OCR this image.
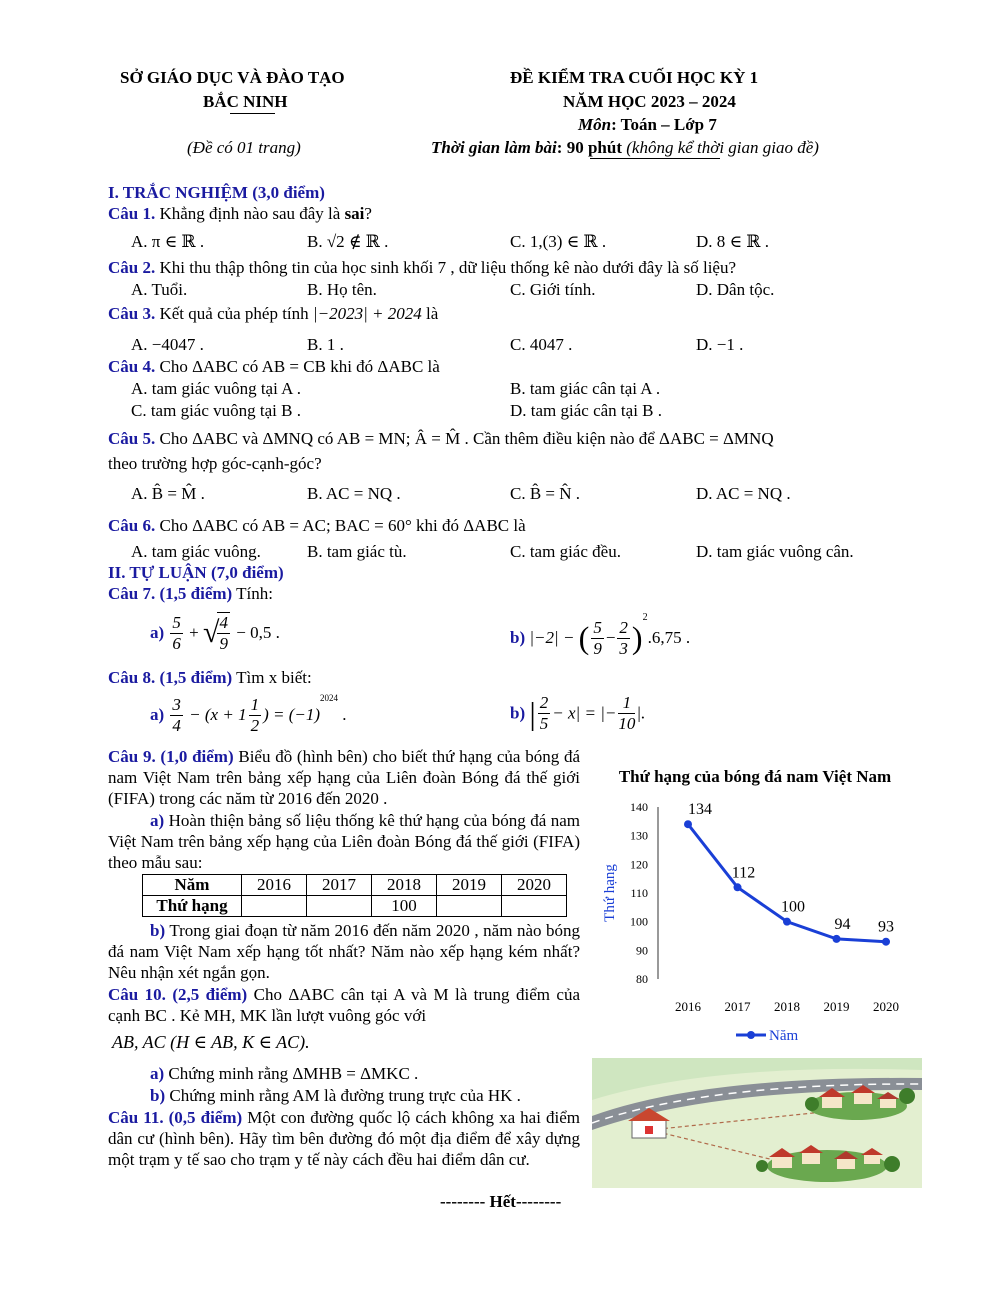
SỞ GIÁO DỤC VÀ ĐÀO TẠO
BẮC NINH
(Đề có 01 trang)
ĐỀ KIỂM TRA CUỐI HỌC KỲ 1
NĂM HỌC 2023 – 2024
Môn: Toán – Lớp 7
Thời gian làm bài: 90 phút (không kể thời gian giao đề)
I. TRẮC NGHIỆM (3,0 điểm)
Câu 1. Khẳng định nào sau đây là sai?
A. π ∈ ℝ .	B. √2 ∉ ℝ .	C. 1,(3) ∈ ℝ .	D. 8 ∈ ℝ .
Câu 2. Khi thu thập thông tin của học sinh khối 7 , dữ liệu thống kê nào dưới đây là số liệu?
A. Tuổi.	B. Họ tên.	C. Giới tính.	D. Dân tộc.
Câu 3. Kết quả của phép tính |−2023| + 2024 là
A. −4047 .	B. 1 .	C. 4047 .	D. −1 .
Câu 4. Cho ΔABC có AB = CB khi đó ΔABC là
A. tam giác vuông tại A .	B. tam giác cân tại A .
C. tam giác vuông tại B .	D. tam giác cân tại B .
Câu 5. Cho ΔABC và ΔMNQ có AB = MN; Â = M̂ . Cần thêm điều kiện nào để ΔABC = ΔMNQ
theo trường hợp góc-cạnh-góc?
A. B̂ = M̂ .	B. AC = NQ .	C. B̂ = N̂ .	D. AC = NQ .
Câu 6. Cho ΔABC có AB = AC; BAC = 60° khi đó ΔABC là
A. tam giác vuông.	B. tam giác tù.	C. tam giác đều.	D. tam giác vuông cân.
II. TỰ LUẬN (7,0 điểm)
Câu 7. (1,5 điểm) Tính:
$a) \frac{5}{6}$ + √
$\frac{4}{9} - 0,5$ .	b) |−2| − ( $\frac{5}{9} - \frac{2}{3} )^2.6,75$ .
Câu 8. (1,5 điểm) Tìm x biết:
$a) \frac{3}{4} - (x + 1 \frac{1}{2}$ ) = $(-1)^{2024}$ .	b) | $\frac{2}{5} - x|$ = |− $\frac{1}{10}$ |.
Câu 9. (1,0 điểm) Biểu đồ (hình bên) cho biết thứ hạng của bóng đá nam Việt Nam trên bảng xếp hạng của Liên đoàn Bóng đá thế giới (FIFA) trong các năm từ 2016 đến 2020 .
a) Hoàn thiện bảng số liệu thống kê thứ hạng của bóng đá nam Việt Nam trên bảng xếp hạng của Liên đoàn Bóng đá thế giới (FIFA) theo mẫu sau:
Năm	2016	2017	2018	2019	2020
Thứ hạng			100		
b) Trong giai đoạn từ năm 2016 đến năm 2020 , năm nào bóng đá nam Việt Nam xếp hạng tốt nhất? Năm nào xếp hạng kém nhất? Nêu nhận xét ngắn gọn.
Câu 10. (2,5 điểm) Cho ΔABC cân tại A và M là trung điểm của cạnh BC . Kẻ MH, MK lần lượt vuông góc với
AB, AC (H ∈ AB, K ∈ AC).
a) Chứng minh rằng ΔMHB = ΔMKC .
b) Chứng minh rằng AM là đường trung trực của HK .
Câu 11. (0,5 điểm) Một con đường quốc lộ cách không xa hai điểm dân cư (hình bên). Hãy tìm bên đường đó một địa điểm để xây dựng một trạm y tế sao cho trạm y tế này cách đều hai điểm dân cư.
-------- Hết--------
Thứ hạng của bóng đá nam Việt Nam
80
90
100
110
120
130
140
2016 2017 2018 2019 2020
Thứ hạng
134
112
100
94 93
Năm
